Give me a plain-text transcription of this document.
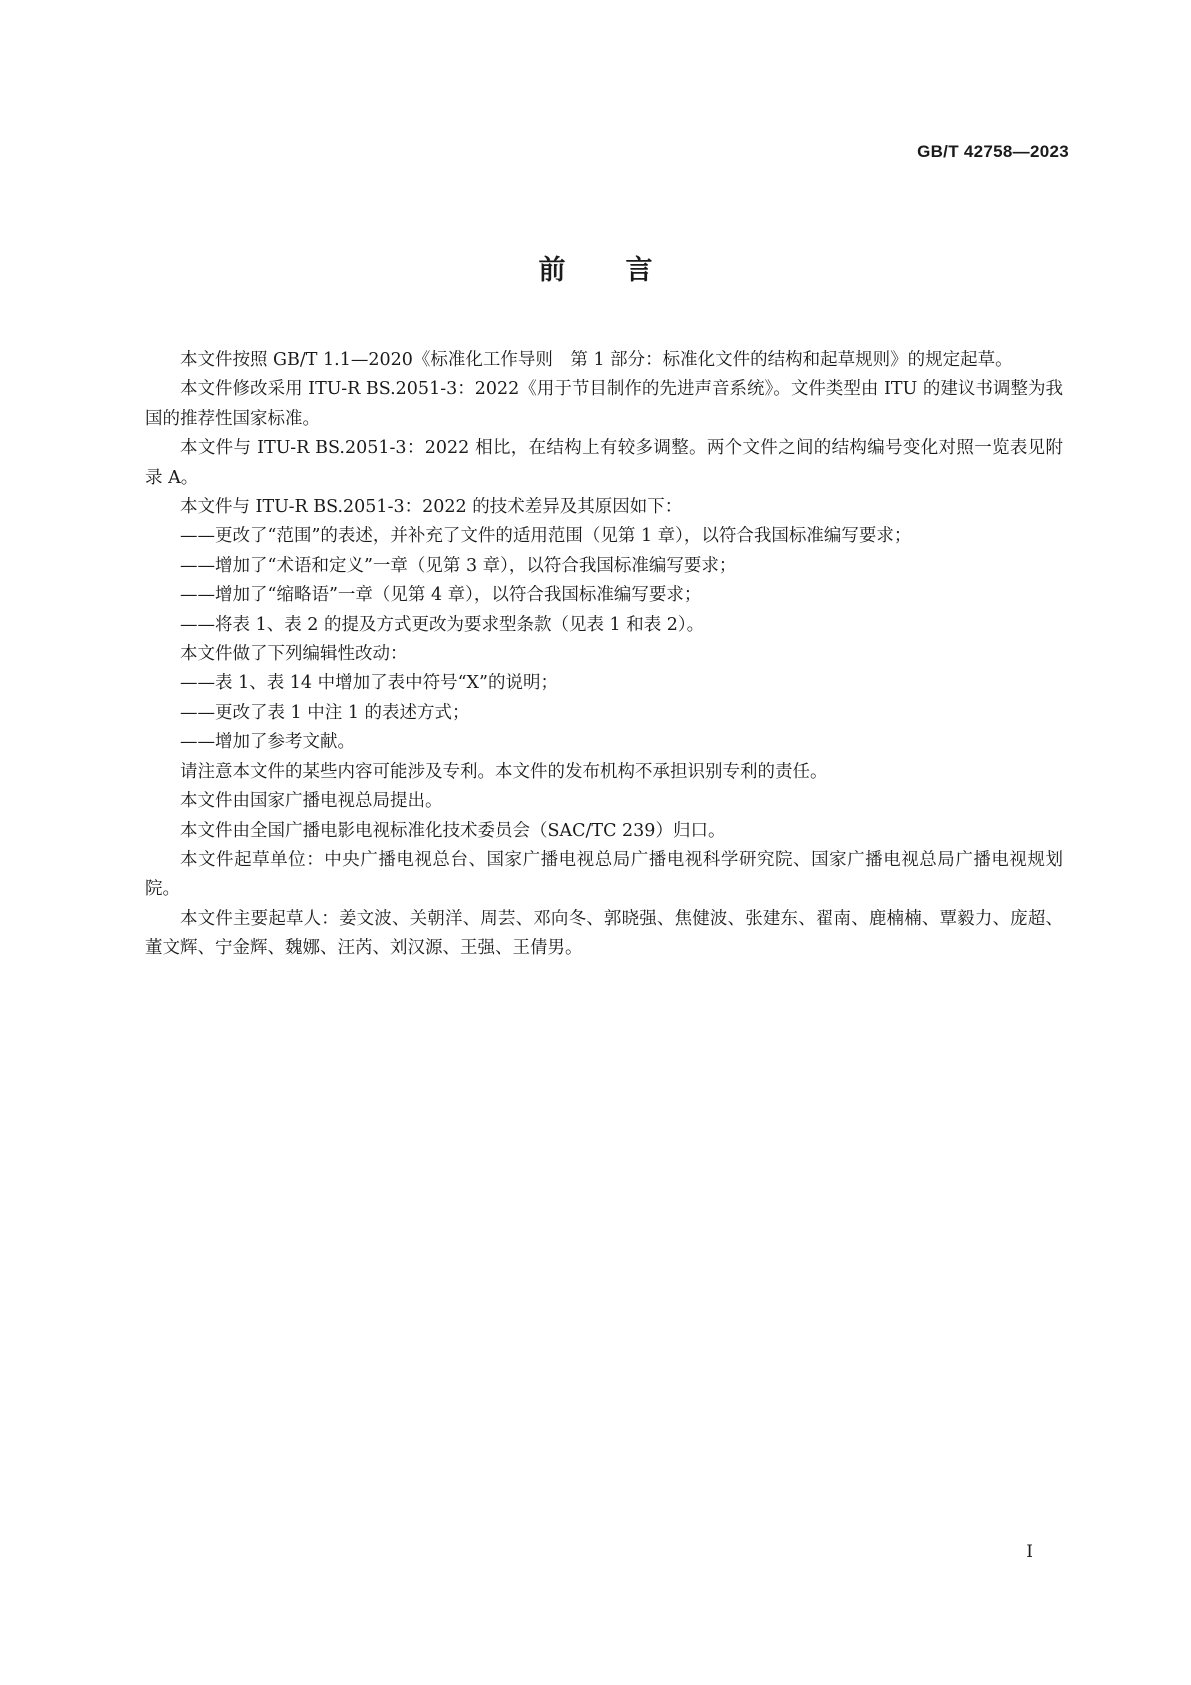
GB/T 42758—2023
前言

本文件按照 GB/T 1.1—2020《标准化工作导则　第 1 部分：标准化文件的结构和起草规则》的规定起草。

本文件修改采用 ITU-R BS.2051-3：2022《用于节目制作的先进声音系统》。文件类型由 ITU 的建议书调整为我国的推荐性国家标准。

本文件与 ITU-R BS.2051-3：2022 相比，在结构上有较多调整。两个文件之间的结构编号变化对照一览表见附录 A。

本文件与 ITU-R BS.2051-3：2022 的技术差异及其原因如下：

——更改了“范围”的表述，并补充了文件的适用范围（见第 1 章），以符合我国标准编写要求；

——增加了“术语和定义”一章（见第 3 章），以符合我国标准编写要求；

——增加了“缩略语”一章（见第 4 章），以符合我国标准编写要求；

——将表 1、表 2 的提及方式更改为要求型条款（见表 1 和表 2）。

本文件做了下列编辑性改动：

——表 1、表 14 中增加了表中符号“X”的说明；

——更改了表 1 中注 1 的表述方式；

——增加了参考文献。

请注意本文件的某些内容可能涉及专利。本文件的发布机构不承担识别专利的责任。

本文件由国家广播电视总局提出。

本文件由全国广播电影电视标准化技术委员会（SAC/TC 239）归口。

本文件起草单位：中央广播电视总台、国家广播电视总局广播电视科学研究院、国家广播电视总局广播电视规划院。

本文件主要起草人：姜文波、关朝洋、周芸、邓向冬、郭晓强、焦健波、张建东、翟南、鹿楠楠、覃毅力、庞超、董文辉、宁金辉、魏娜、汪芮、刘汉源、王强、王倩男。

Ⅰ
